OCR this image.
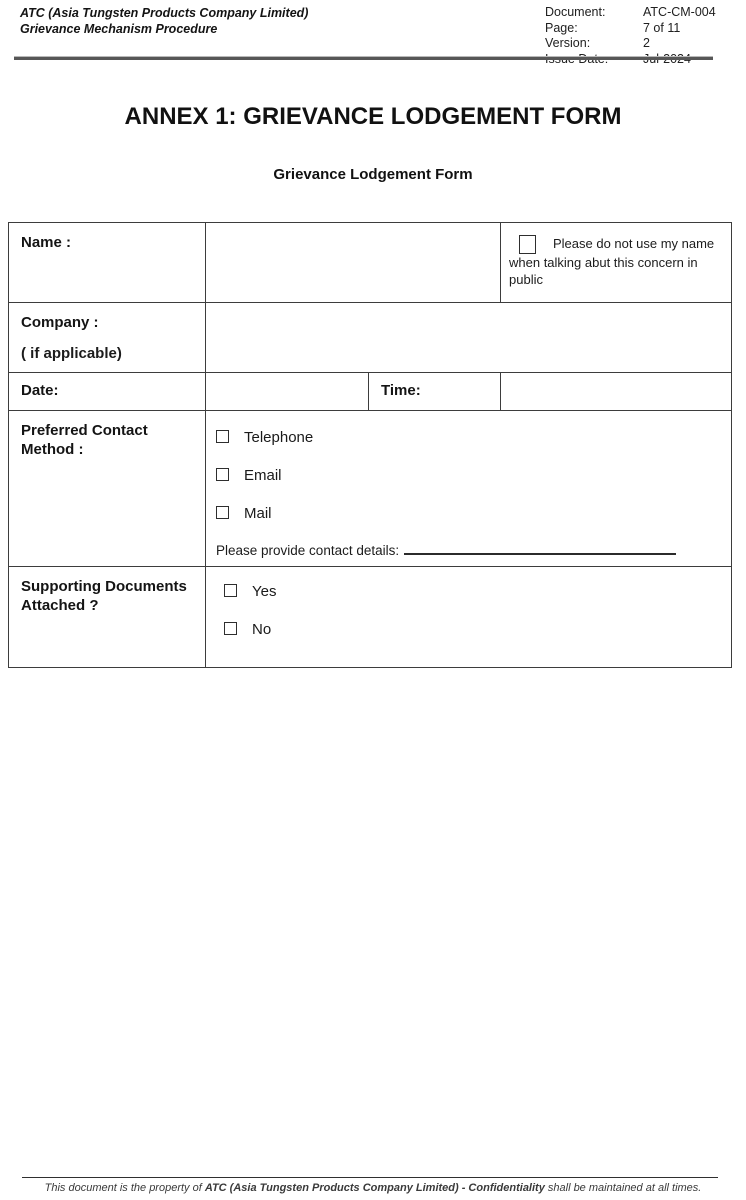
ATC (Asia Tungsten Products Company Limited)
Grievance Mechanism Procedure
Document:	ATC-CM-004
Page:	7 of 11
Version:	2
Issue Date:	Jul-2024
ANNEX 1: GRIEVANCE LODGEMENT FORM
Grievance Lodgement Form
Name :			Please do not use my name when talking abut this concern in public

Company :
( if applicable)			

Date:		Time:	
Preferred Contact Method :	Telephone
Email
Mail
Please provide contact details:		

Supporting Documents Attached ?	Yes
No		
This document is the property of ATC (Asia Tungsten Products Company Limited) - Confidentiality shall be maintained at all times.
